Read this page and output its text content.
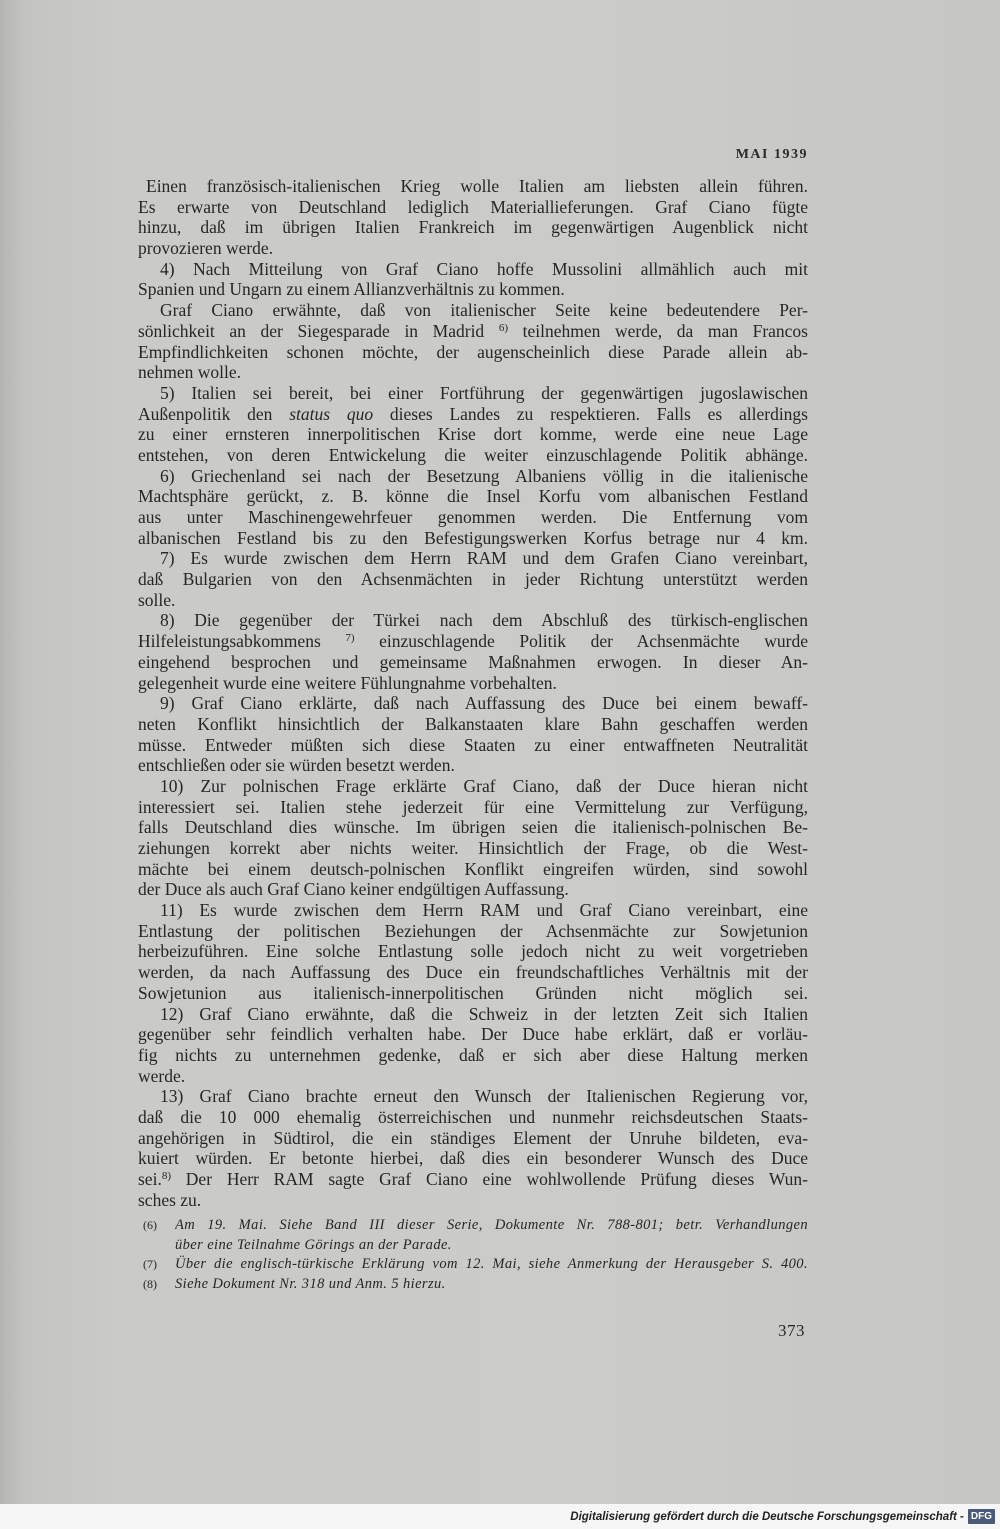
MAI 1939
Einen französisch-italienischen Krieg wolle Italien am liebsten allein führen.
Es erwarte von Deutschland lediglich Materiallieferungen. Graf Ciano fügte
hinzu, daß im übrigen Italien Frankreich im gegenwärtigen Augenblick nicht
provozieren werde.
4) Nach Mitteilung von Graf Ciano hoffe Mussolini allmählich auch mit
Spanien und Ungarn zu einem Allianzverhältnis zu kommen.
Graf Ciano erwähnte, daß von italienischer Seite keine bedeutendere Per-
sönlichkeit an der Siegesparade in Madrid $^{6)}$ teilnehmen werde, da man Francos
Empfindlichkeiten schonen möchte, der augenscheinlich diese Parade allein ab-
nehmen wolle.
5) Italien sei bereit, bei einer Fortführung der gegenwärtigen jugoslawischen
Außenpolitik den status quo dieses Landes zu respektieren. Falls es allerdings
zu einer ernsteren innerpolitischen Krise dort komme, werde eine neue Lage
entstehen, von deren Entwickelung die weiter einzuschlagende Politik abhänge.
6) Griechenland sei nach der Besetzung Albaniens völlig in die italienische
Machtsphäre gerückt, z. B. könne die Insel Korfu vom albanischen Festland
aus unter Maschinengewehrfeuer genommen werden. Die Entfernung vom
albanischen Festland bis zu den Befestigungswerken Korfus betrage nur 4 km.
7) Es wurde zwischen dem Herrn RAM und dem Grafen Ciano vereinbart,
daß Bulgarien von den Achsenmächten in jeder Richtung unterstützt werden
solle.
8) Die gegenüber der Türkei nach dem Abschluß des türkisch-englischen
Hilfeleistungsabkommens $^{7)}$ einzuschlagende Politik der Achsenmächte wurde
eingehend besprochen und gemeinsame Maßnahmen erwogen. In dieser An-
gelegenheit wurde eine weitere Fühlungnahme vorbehalten.
9) Graf Ciano erklärte, daß nach Auffassung des Duce bei einem bewaff-
neten Konflikt hinsichtlich der Balkanstaaten klare Bahn geschaffen werden
müsse. Entweder müßten sich diese Staaten zu einer entwaffneten Neutralität
entschließen oder sie würden besetzt werden.
10) Zur polnischen Frage erklärte Graf Ciano, daß der Duce hieran nicht
interessiert sei. Italien stehe jederzeit für eine Vermittelung zur Verfügung,
falls Deutschland dies wünsche. Im übrigen seien die italienisch-polnischen Be-
ziehungen korrekt aber nichts weiter. Hinsichtlich der Frage, ob die West-
mächte bei einem deutsch-polnischen Konflikt eingreifen würden, sind sowohl
der Duce als auch Graf Ciano keiner endgültigen Auffassung.
11) Es wurde zwischen dem Herrn RAM und Graf Ciano vereinbart, eine
Entlastung der politischen Beziehungen der Achsenmächte zur Sowjetunion
herbeizuführen. Eine solche Entlastung solle jedoch nicht zu weit vorgetrieben
werden, da nach Auffassung des Duce ein freundschaftliches Verhältnis mit der
Sowjetunion aus italienisch-innerpolitischen Gründen nicht möglich sei.
12) Graf Ciano erwähnte, daß die Schweiz in der letzten Zeit sich Italien
gegenüber sehr feindlich verhalten habe. Der Duce habe erklärt, daß er vorläu-
fig nichts zu unternehmen gedenke, daß er sich aber diese Haltung merken
werde.
13) Graf Ciano brachte erneut den Wunsch der Italienischen Regierung vor,
daß die 10 000 ehemalig österreichischen und nunmehr reichsdeutschen Staats-
angehörigen in Südtirol, die ein ständiges Element der Unruhe bildeten, eva-
kuiert würden. Er betonte hierbei, daß dies ein besonderer Wunsch des Duce
sei.$^{8)}$ Der Herr RAM sagte Graf Ciano eine wohlwollende Prüfung dieses Wun-
sches zu.
(6)	Am 19. Mai. Siehe Band III dieser Serie, Dokumente Nr. 788-801; betr. Verhandlungen
über eine Teilnahme Görings an der Parade.
(7)	Über die englisch-türkische Erklärung vom 12. Mai, siehe Anmerkung der Herausgeber S. 400.
(8)	Siehe Dokument Nr. 318 und Anm. 5 hierzu.
373
Digitalisierung gefördert durch die Deutsche Forschungsgemeinschaft - DFG
